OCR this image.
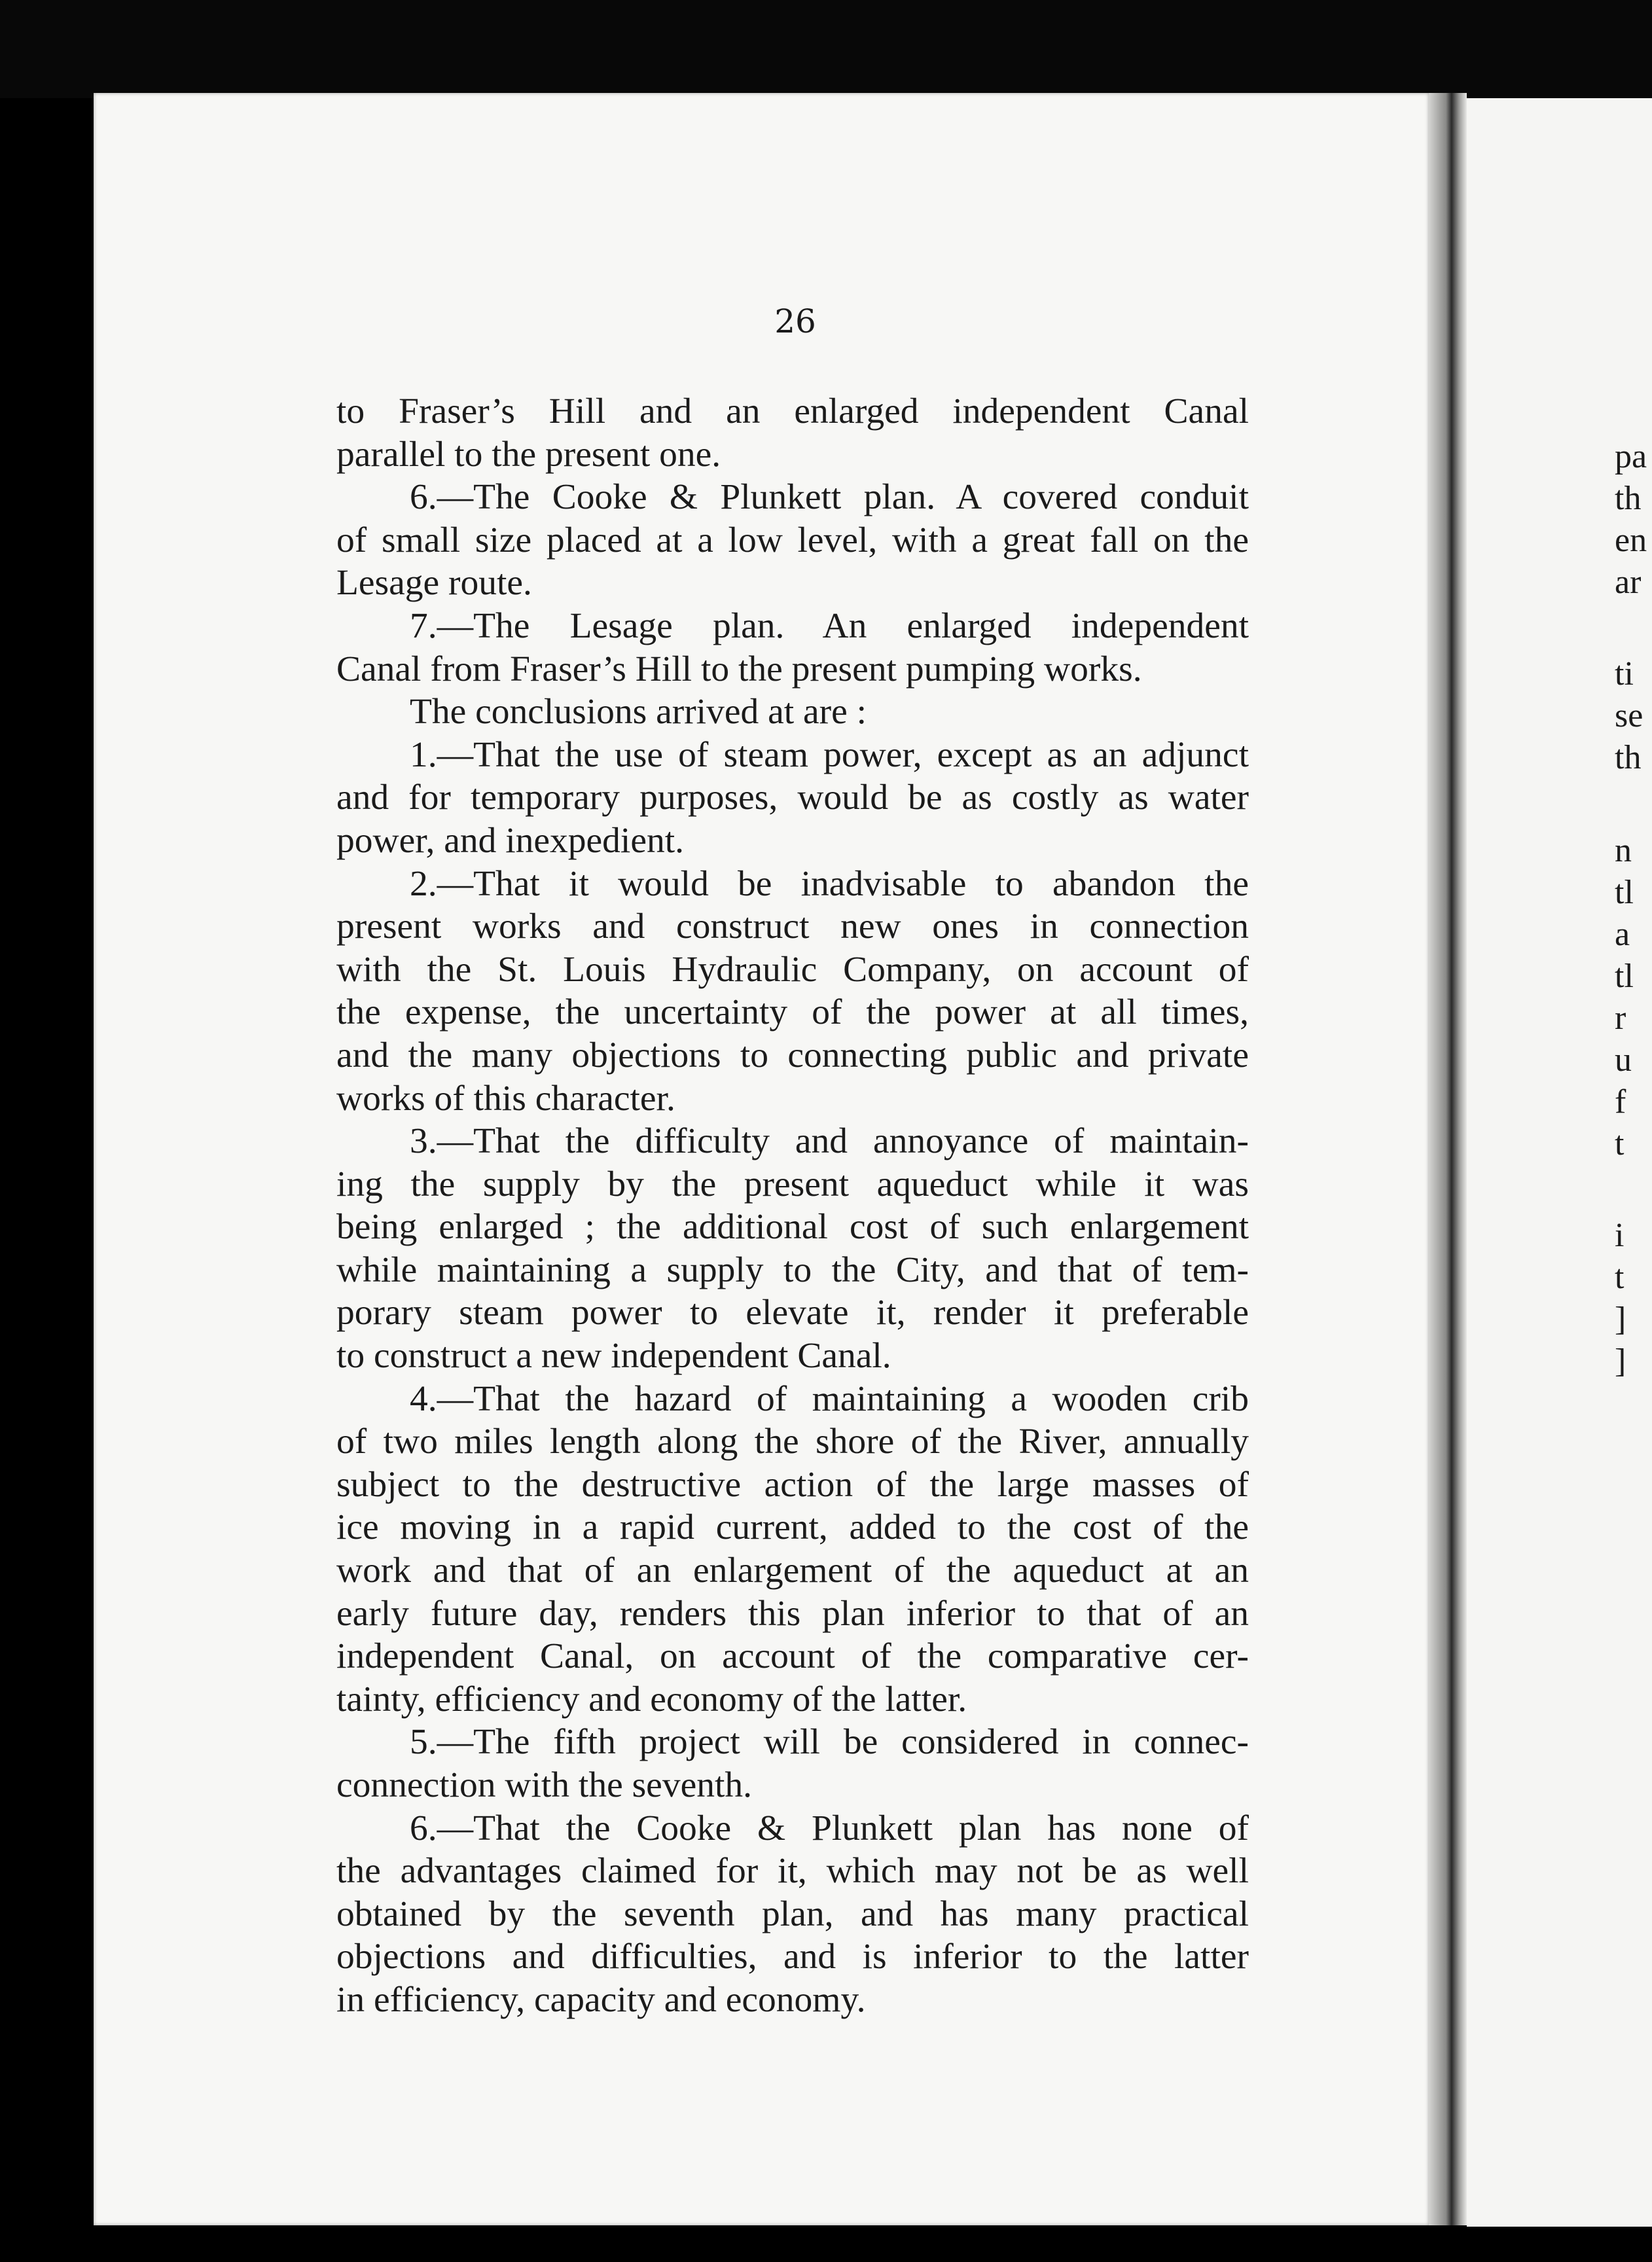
26
to Fraser’s Hill and an enlarged independent Canal
parallel to the present one.
6.—The Cooke & Plunkett plan. A covered conduit
of small size placed at a low level, with a great fall on the
Lesage route.
7.—The Lesage plan. An enlarged independent
Canal from Fraser’s Hill to the present pumping works.
The conclusions arrived at are :
1.—That the use of steam power, except as an adjunct
and for temporary purposes, would be as costly as water
power, and inexpedient.
2.—That it would be inadvisable to abandon the
present works and construct new ones in connection
with the St. Louis Hydraulic Company, on account of
the expense, the uncertainty of the power at all times,
and the many objections to connecting public and private
works of this character.
3.—That the difficulty and annoyance of maintain-
ing the supply by the present aqueduct while it was
being enlarged ; the additional cost of such enlargement
while maintaining a supply to the City, and that of tem-
porary steam power to elevate it, render it preferable
to construct a new independent Canal.
4.—That the hazard of maintaining a wooden crib
of two miles length along the shore of the River, annually
subject to the destructive action of the large masses of
ice moving in a rapid current, added to the cost of the
work and that of an enlargement of the aqueduct at an
early future day, renders this plan inferior to that of an
independent Canal, on account of the comparative cer-
tainty, efficiency and economy of the latter.
5.—The fifth project will be considered in connec-
connection with the seventh.
6.—That the Cooke & Plunkett plan has none of
the advantages claimed for it, which may not be as well
obtained by the seventh plan, and has many practical
objections and difficulties, and is inferior to the latter
in efficiency, capacity and economy.
pa
th
en
ar
ti
se
th
n
tl
a
tl
r
u
f
t
i
t
]
]
